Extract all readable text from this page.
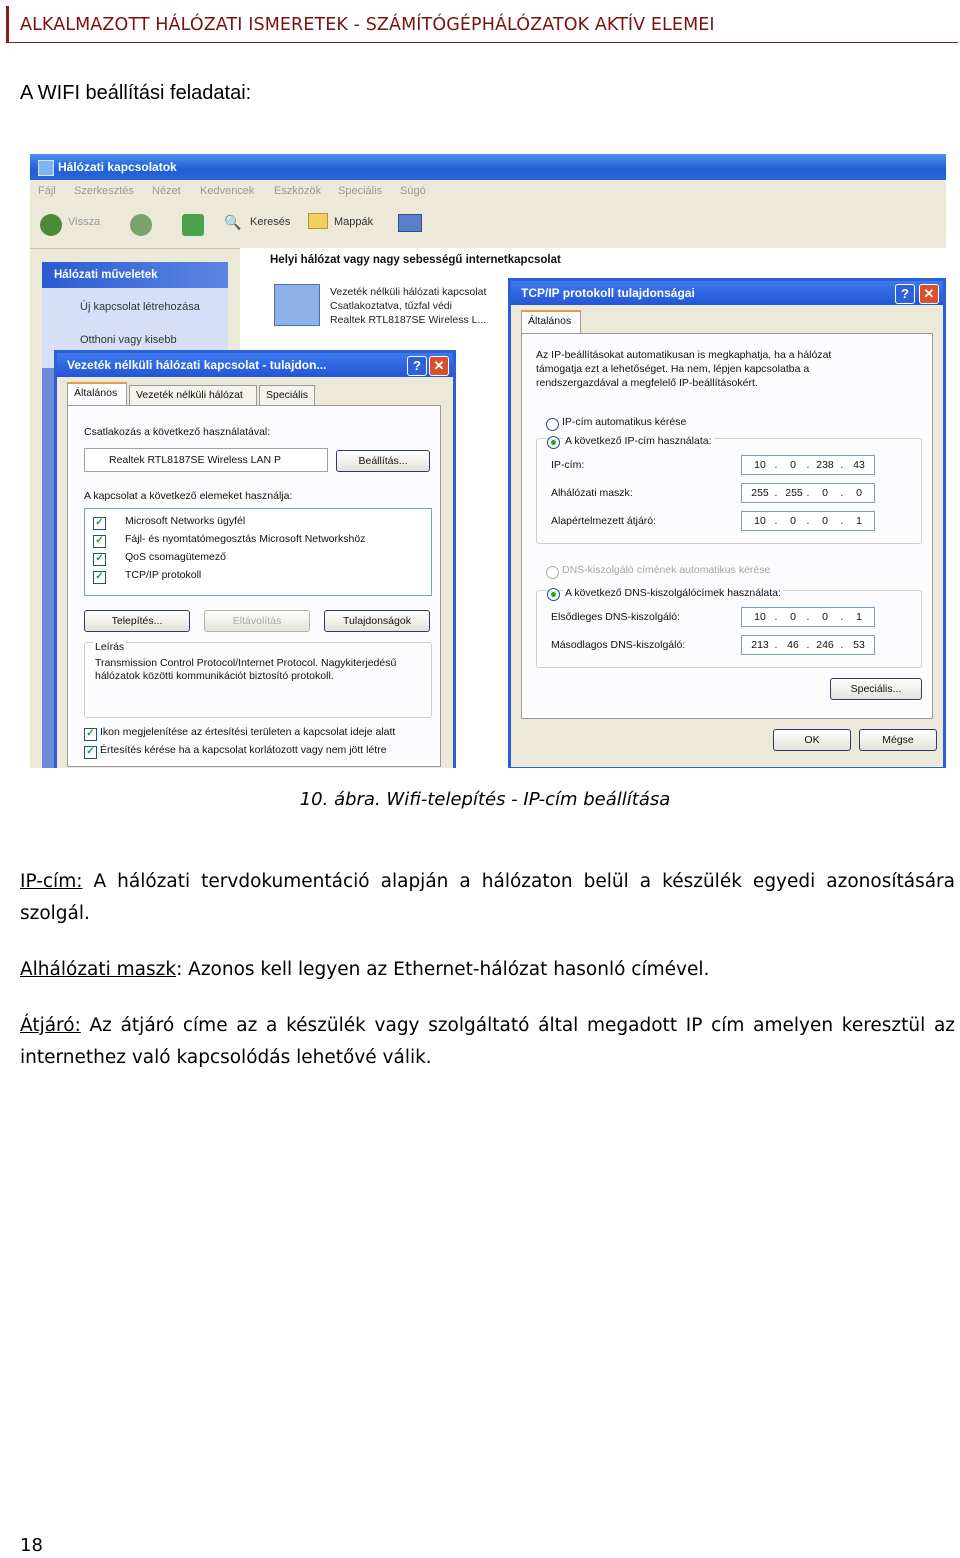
ALKALMAZOTT HÁLÓZATI ISMERETEK - SZÁMÍTÓGÉPHÁLÓZATOK AKTÍV ELEMEI
A WIFI beállítási feladatai:
Hálózati kapcsolatok
Fájl Szerkesztés Nézet Kedvencek Eszközök Speciális Súgó
Vissza	🔍 Keresés	Mappák
Hálózati műveletek
Új kapcsolat létrehozása
Otthoni vagy kisebb
Helyi hálózat vagy nagy sebességű internetkapcsolat
Vezeték nélküli hálózati kapcsolat
Csatlakoztatva, tűzfal védi
Realtek RTL8187SE Wireless L...
Vezeték nélküli hálózati kapcsolat - tulajdon...	? ✕
Általános	Vezeték nélküli hálózat	Speciális
Csatlakozás a következő használatával:
Realtek RTL8187SE Wireless LAN P	Beállítás...
A kapcsolat a következő elemeket használja:
✓ Microsoft Networks ügyfél
✓ Fájl- és nyomtatómegosztás Microsoft Networkshöz
✓ QoS csomagütemező
✓ TCP/IP protokoll
Telepítés...	Eltávolítás	Tulajdonságok
Leírás
Transmission Control Protocol/Internet Protocol. Nagykiterjedésű hálózatok közötti kommunikációt biztosító protokoll.
✓ Ikon megjelenítése az értesítési területen a kapcsolat ideje alatt
✓ Értesítés kérése ha a kapcsolat korlátozott vagy nem jött létre
TCP/IP protokoll tulajdonságai	?	✕
Általános
Az IP-beállításokat automatikusan is megkaphatja, ha a hálózat támogatja ezt a lehetőséget. Ha nem, lépjen kapcsolatba a rendszergazdával a megfelelő IP-beállításokért.
IP-cím automatikus kérése
A következő IP-cím használata:
IP-cím:	10 .	0	. 238 . 43
Alhálózati maszk:	255 . 255 .	0	.	0
Alapértelmezett átjáró:	10 .	0	.	0	.	1
DNS-kiszolgáló címének automatikus kérése
A következő DNS-kiszolgálócímek használata:
Elsődleges DNS-kiszolgáló:	10 .	0	.	0	.	1
Másodlagos DNS-kiszolgáló:	213 . 46 . 246 . 53
Speciális...
OK	Mégse
10. ábra. Wifi-telepítés - IP-cím beállítása
IP-cím: A hálózati tervdokumentáció alapján a hálózaton belül a készülék egyedi azonosítására szolgál.
Alhálózati maszk: Azonos kell legyen az Ethernet-hálózat hasonló címével.
Átjáró: Az átjáró címe az a készülék vagy szolgáltató által megadott IP cím amelyen keresztül az internethez való kapcsolódás lehetővé válik.
18
